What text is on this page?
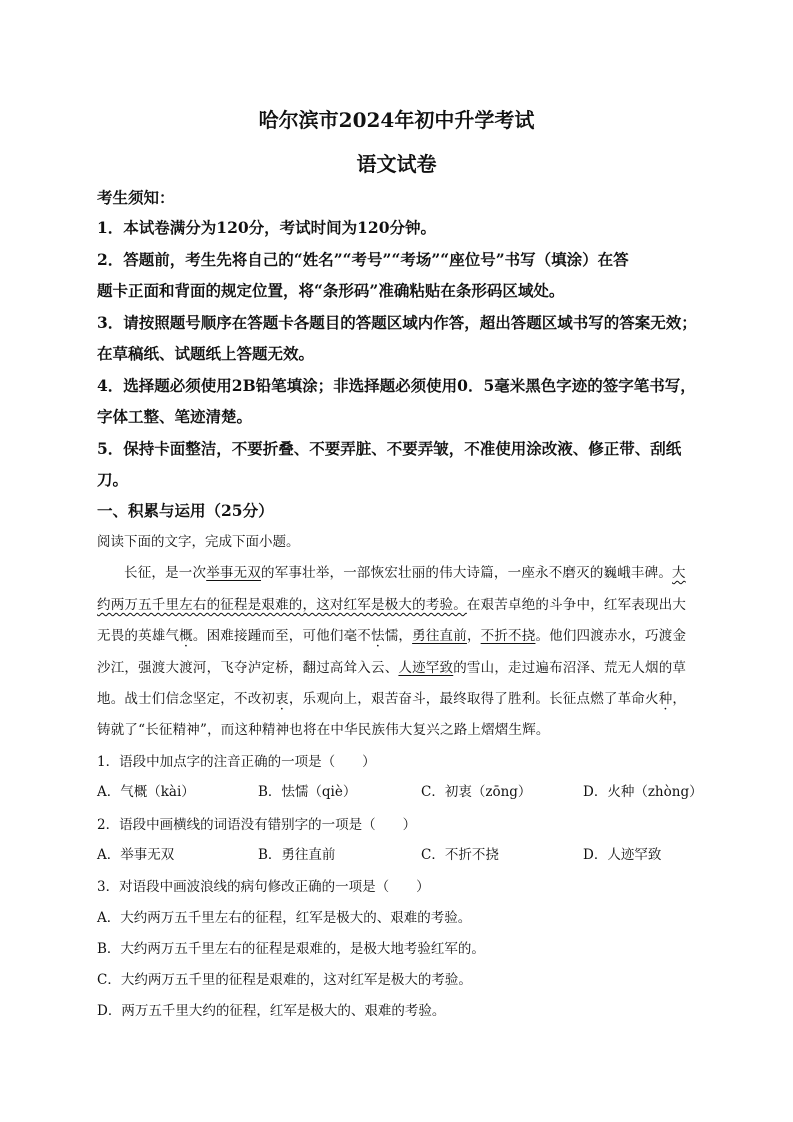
哈尔滨市2024年初中升学考试
语文试卷
考生须知：
1．本试卷满分为120分，考试时间为120分钟。
2．答题前，考生先将自己的“姓名”“考号”“考场”“座位号”书写（填涂）在答
题卡正面和背面的规定位置，将“条形码”准确粘贴在条形码区域处。
3．请按照题号顺序在答题卡各题目的答题区域内作答，超出答题区域书写的答案无效；
在草稿纸、试题纸上答题无效。
4．选择题必须使用2B铅笔填涂；非选择题必须使用0．5毫米黑色字迹的签字笔书写，
字体工整、笔迹清楚。
5．保持卡面整洁，不要折叠、不要弄脏、不要弄皱，不准使用涂改液、修正带、刮纸
刀。
一、积累与运用（25分）
阅读下面的文字，完成下面小题。
长征，是一次举事无双的军事壮举，一部恢宏壮丽的伟大诗篇，一座永不磨灭的巍峨丰碑。大
约两万五千里左右的征程是艰难的，这对红军是极大的考验。在艰苦卓绝的斗争中，红军表现出大
无畏的英雄气概。困难接踵而至，可他们毫不怯懦，勇往直前，不折不挠。他们四渡赤水，巧渡金
沙江，强渡大渡河，飞夺泸定桥，翻过高耸入云、人迹罕致的雪山，走过遍布沼泽、荒无人烟的草
地。战士们信念坚定，不改初衷，乐观向上，艰苦奋斗，最终取得了胜利。长征点燃了革命火种，
铸就了“长征精神”，而这种精神也将在中华民族伟大复兴之路上熠熠生辉。
1．语段中加点字的注音正确的一项是（　　）
A．气概（kài）	B．怯懦（qiè）	C．初衷（zōng）	D．火种（zhòng）
2．语段中画横线的词语没有错别字的一项是（　　）
A．举事无双	B．勇往直前	C．不折不挠	D．人迹罕致
3．对语段中画波浪线的病句修改正确的一项是（　　）
A．大约两万五千里左右的征程，红军是极大的、艰难的考验。
B．大约两万五千里左右的征程是艰难的，是极大地考验红军的。
C．大约两万五千里的征程是艰难的，这对红军是极大的考验。
D．两万五千里大约的征程，红军是极大的、艰难的考验。
